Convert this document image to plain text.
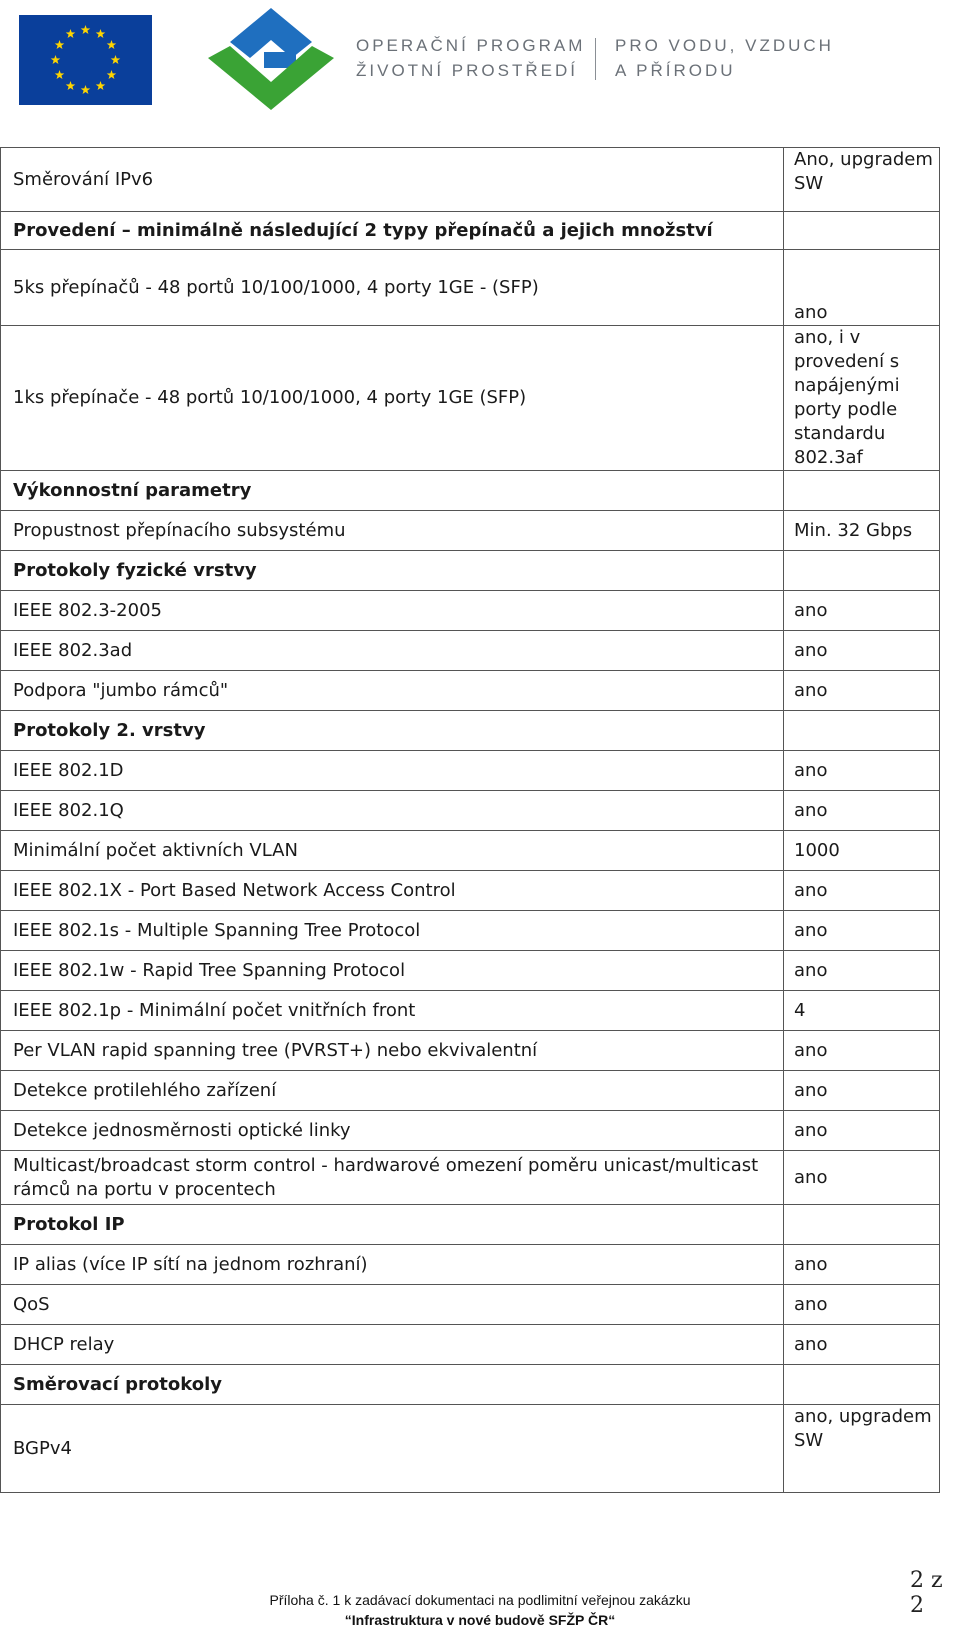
OPERAČNÍ PROGRAM
ŽIVOTNÍ PROSTŘEDÍ
PRO VODU, VZDUCH
A PŘÍRODU
Směrování IPv6	Ano, upgradem SW
Provedení – minimálně následující 2 typy přepínačů a jejich množství	
5ks přepínačů - 48 portů 10/100/1000, 4 porty 1GE - (SFP)	ano
1ks přepínače - 48 portů 10/100/1000, 4 porty 1GE (SFP)	ano, i v provedení s napájenými porty podle standardu 802.3af
Výkonnostní parametry	
Propustnost přepínacího subsystému	Min. 32 Gbps
Protokoly fyzické vrstvy	
IEEE 802.3-2005	ano
IEEE 802.3ad	ano
Podpora "jumbo rámců"	ano
Protokoly 2. vrstvy	
IEEE 802.1D	ano
IEEE 802.1Q	ano
Minimální počet aktivních VLAN	1000
IEEE 802.1X - Port Based Network Access Control	ano
IEEE 802.1s - Multiple Spanning Tree Protocol	ano
IEEE 802.1w - Rapid Tree Spanning Protocol	ano
IEEE 802.1p - Minimální počet vnitřních front	4
Per VLAN rapid spanning tree (PVRST+) nebo ekvivalentní	ano
Detekce protilehlého zařízení	ano
Detekce jednosměrnosti optické linky	ano
Multicast/broadcast storm control - hardwarové omezení poměru unicast/multicast rámců na portu v procentech	ano
Protokol IP	
IP alias (více IP sítí na jednom rozhraní)	ano
QoS	ano
DHCP relay	ano
Směrovací protokoly	
BGPv4	ano, upgradem SW
2 z 2
Příloha č. 1 k zadávací dokumentaci na podlimitní veřejnou zakázku
“Infrastruktura v nové budově SFŽP ČR“
